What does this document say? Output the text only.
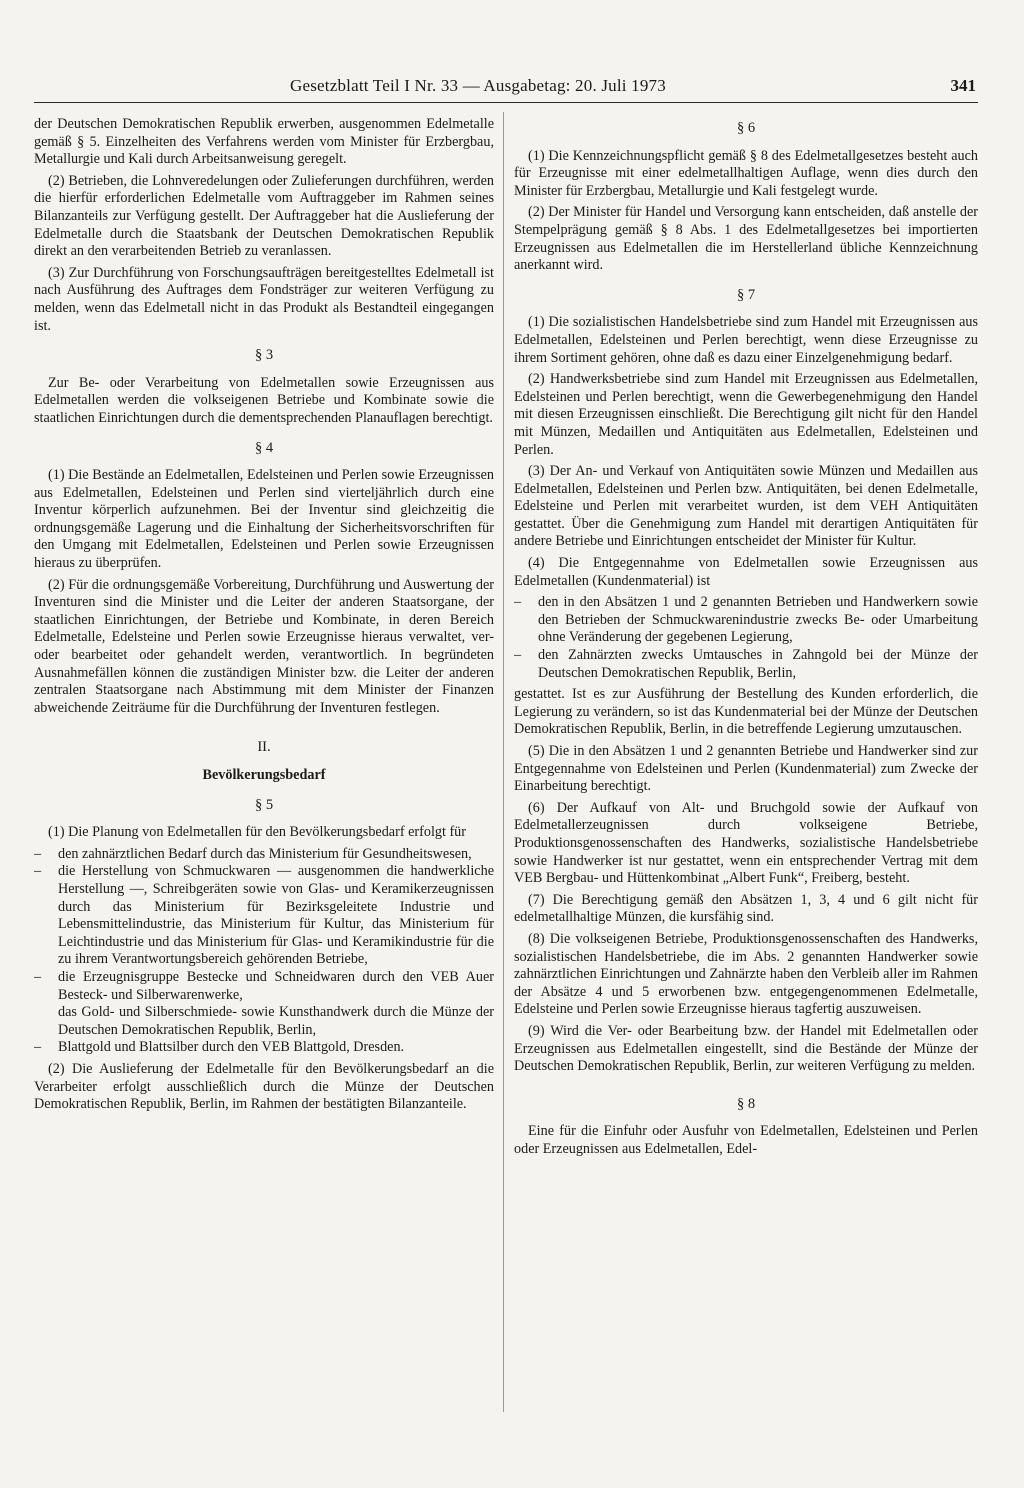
Gesetzblatt Teil I Nr. 33 — Ausgabetag: 20. Juli 1973	341

der Deutschen Demokratischen Republik erwerben, ausgenommen Edelmetalle gemäß § 5. Einzelheiten des Verfahrens werden vom Minister für Erzbergbau, Metallurgie und Kali durch Arbeitsanweisung geregelt.

(2) Betrieben, die Lohnveredelungen oder Zulieferungen durchführen, werden die hierfür erforderlichen Edelmetalle vom Auftraggeber im Rahmen seines Bilanzanteils zur Verfügung gestellt. Der Auftraggeber hat die Auslieferung der Edelmetalle durch die Staatsbank der Deutschen Demokratischen Republik direkt an den verarbeitenden Betrieb zu veranlassen.

(3) Zur Durchführung von Forschungsaufträgen bereitgestelltes Edelmetall ist nach Ausführung des Auftrages dem Fondsträger zur weiteren Verfügung zu melden, wenn das Edelmetall nicht in das Produkt als Bestandteil eingegangen ist.

§ 3

Zur Be- oder Verarbeitung von Edelmetallen sowie Erzeugnissen aus Edelmetallen werden die volkseigenen Betriebe und Kombinate sowie die staatlichen Einrichtungen durch die dementsprechenden Planauflagen berechtigt.

§ 4

(1) Die Bestände an Edelmetallen, Edelsteinen und Perlen sowie Erzeugnissen aus Edelmetallen, Edelsteinen und Perlen sind vierteljährlich durch eine Inventur körperlich aufzunehmen. Bei der Inventur sind gleichzeitig die ordnungsgemäße Lagerung und die Einhaltung der Sicherheitsvorschriften für den Umgang mit Edelmetallen, Edelsteinen und Perlen sowie Erzeugnissen hieraus zu überprüfen.

(2) Für die ordnungsgemäße Vorbereitung, Durchführung und Auswertung der Inventuren sind die Minister und die Leiter der anderen Staatsorgane, der staatlichen Einrichtungen, der Betriebe und Kombinate, in deren Bereich Edelmetalle, Edelsteine und Perlen sowie Erzeugnisse hieraus verwaltet, ver- oder bearbeitet oder gehandelt werden, verantwortlich. In begründeten Ausnahmefällen können die zuständigen Minister bzw. die Leiter der anderen zentralen Staatsorgane nach Abstimmung mit dem Minister der Finanzen abweichende Zeiträume für die Durchführung der Inventuren festlegen.

II.
Bevölkerungsbedarf
§ 5

(1) Die Planung von Edelmetallen für den Bevölkerungsbedarf erfolgt für

– den zahnärztlichen Bedarf durch das Ministerium für Gesundheitswesen,
– die Herstellung von Schmuckwaren — ausgenommen die handwerkliche Herstellung —, Schreibgeräten sowie von Glas- und Keramikerzeugnissen durch das Ministerium für Bezirksgeleitete Industrie und Lebensmittelindustrie, das Ministerium für Kultur, das Ministerium für Leichtindustrie und das Ministerium für Glas- und Keramikindustrie für die zu ihrem Verantwortungsbereich gehörenden Betriebe,
– die Erzeugnisgruppe Bestecke und Schneidwaren durch den VEB Auer Besteck- und Silberwarenwerke,
das Gold- und Silberschmiede- sowie Kunsthandwerk durch die Münze der Deutschen Demokratischen Republik, Berlin,
– Blattgold und Blattsilber durch den VEB Blattgold, Dresden.

(2) Die Auslieferung der Edelmetalle für den Bevölkerungsbedarf an die Verarbeiter erfolgt ausschließlich durch die Münze der Deutschen Demokratischen Republik, Berlin, im Rahmen der bestätigten Bilanzanteile.

§ 6

(1) Die Kennzeichnungspflicht gemäß § 8 des Edelmetallgesetzes besteht auch für Erzeugnisse mit einer edelmetallhaltigen Auflage, wenn dies durch den Minister für Erzbergbau, Metallurgie und Kali festgelegt wurde.

(2) Der Minister für Handel und Versorgung kann entscheiden, daß anstelle der Stempelprägung gemäß § 8 Abs. 1 des Edelmetallgesetzes bei importierten Erzeugnissen aus Edelmetallen die im Herstellerland übliche Kennzeichnung anerkannt wird.

§ 7

(1) Die sozialistischen Handelsbetriebe sind zum Handel mit Erzeugnissen aus Edelmetallen, Edelsteinen und Perlen berechtigt, wenn diese Erzeugnisse zu ihrem Sortiment gehören, ohne daß es dazu einer Einzelgenehmigung bedarf.

(2) Handwerksbetriebe sind zum Handel mit Erzeugnissen aus Edelmetallen, Edelsteinen und Perlen berechtigt, wenn die Gewerbegenehmigung den Handel mit diesen Erzeugnissen einschließt. Die Berechtigung gilt nicht für den Handel mit Münzen, Medaillen und Antiquitäten aus Edelmetallen, Edelsteinen und Perlen.

(3) Der An- und Verkauf von Antiquitäten sowie Münzen und Medaillen aus Edelmetallen, Edelsteinen und Perlen bzw. Antiquitäten, bei denen Edelmetalle, Edelsteine und Perlen mit verarbeitet wurden, ist dem VEH Antiquitäten gestattet. Über die Genehmigung zum Handel mit derartigen Antiquitäten für andere Betriebe und Einrichtungen entscheidet der Minister für Kultur.

(4) Die Entgegennahme von Edelmetallen sowie Erzeugnissen aus Edelmetallen (Kundenmaterial) ist

– den in den Absätzen 1 und 2 genannten Betrieben und Handwerkern sowie den Betrieben der Schmuckwarenindustrie zwecks Be- oder Umarbeitung ohne Veränderung der gegebenen Legierung,
– den Zahnärzten zwecks Umtausches in Zahngold bei der Münze der Deutschen Demokratischen Republik, Berlin,

gestattet. Ist es zur Ausführung der Bestellung des Kunden erforderlich, die Legierung zu verändern, so ist das Kundenmaterial bei der Münze der Deutschen Demokratischen Republik, Berlin, in die betreffende Legierung umzutauschen.

(5) Die in den Absätzen 1 und 2 genannten Betriebe und Handwerker sind zur Entgegennahme von Edelsteinen und Perlen (Kundenmaterial) zum Zwecke der Einarbeitung berechtigt.

(6) Der Aufkauf von Alt- und Bruchgold sowie der Aufkauf von Edelmetallerzeugnissen durch volkseigene Betriebe, Produktionsgenossenschaften des Handwerks, sozialistische Handelsbetriebe sowie Handwerker ist nur gestattet, wenn ein entsprechender Vertrag mit dem VEB Bergbau- und Hüttenkombinat „Albert Funk“, Freiberg, besteht.

(7) Die Berechtigung gemäß den Absätzen 1, 3, 4 und 6 gilt nicht für edelmetallhaltige Münzen, die kursfähig sind.

(8) Die volkseigenen Betriebe, Produktionsgenossenschaften des Handwerks, sozialistischen Handelsbetriebe, die im Abs. 2 genannten Handwerker sowie zahnärztlichen Einrichtungen und Zahnärzte haben den Verbleib aller im Rahmen der Absätze 4 und 5 erworbenen bzw. entgegengenommenen Edelmetalle, Edelsteine und Perlen sowie Erzeugnisse hieraus tagfertig auszuweisen.

(9) Wird die Ver- oder Bearbeitung bzw. der Handel mit Edelmetallen oder Erzeugnissen aus Edelmetallen eingestellt, sind die Bestände der Münze der Deutschen Demokratischen Republik, Berlin, zur weiteren Verfügung zu melden.

§ 8

Eine für die Einfuhr oder Ausfuhr von Edelmetallen, Edelsteinen und Perlen oder Erzeugnissen aus Edelmetallen, Edel-
